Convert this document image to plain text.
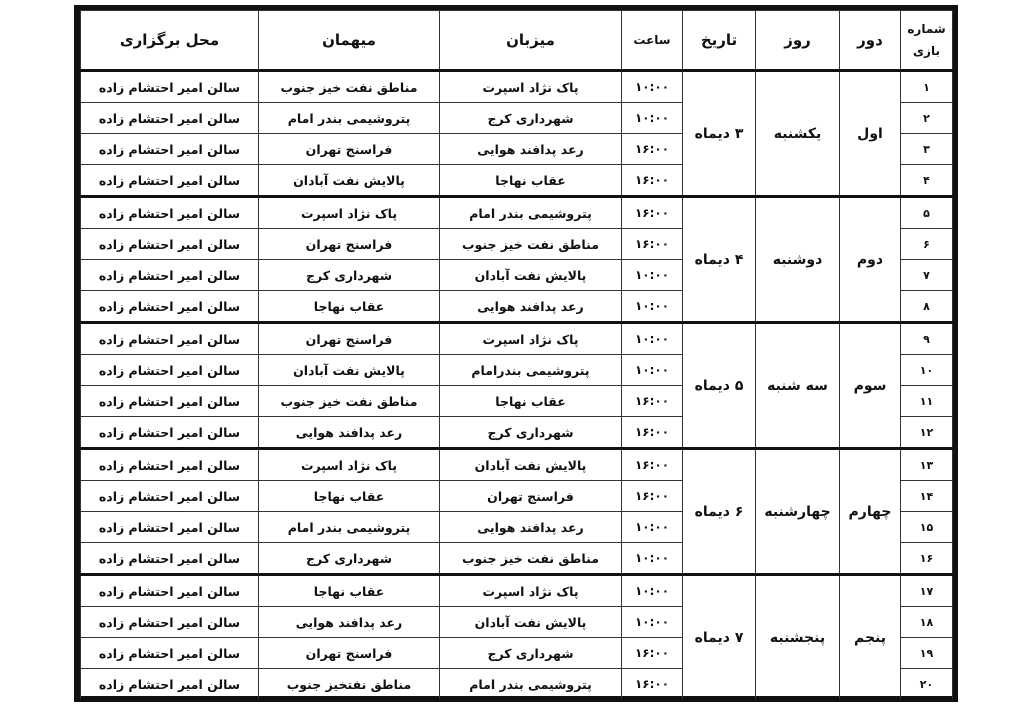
شماره بازی	دور	روز	تاریخ	ساعت	میزبان	میهمان	محل برگزاری
۱	اول	یکشنبه	۳ دیماه	۱۰:۰۰	پاک نژاد اسپرت	مناطق نفت خیز جنوب	سالن امیر احتشام زاده
۲				۱۰:۰۰	شهرداری کرج	پتروشیمی بندر امام	سالن امیر احتشام زاده
۳				۱۶:۰۰	رعد پدافند هوایی	فراسنج تهران	سالن امیر احتشام زاده
۴				۱۶:۰۰	عقاب نهاجا	پالایش نفت آبادان	سالن امیر احتشام زاده
۵	دوم	دوشنبه	۴ دیماه	۱۶:۰۰	پتروشیمی بندر امام	پاک نژاد اسپرت	سالن امیر احتشام زاده
۶				۱۶:۰۰	مناطق نفت خیز جنوب	فراسنج تهران	سالن امیر احتشام زاده
۷				۱۰:۰۰	پالایش نفت آبادان	شهرداری کرج	سالن امیر احتشام زاده
۸				۱۰:۰۰	رعد پدافند هوایی	عقاب نهاجا	سالن امیر احتشام زاده
۹	سوم	سه شنبه	۵ دیماه	۱۰:۰۰	پاک نژاد اسپرت	فراسنج تهران	سالن امیر احتشام زاده
۱۰				۱۰:۰۰	پتروشیمی بندرامام	پالایش نفت آبادان	سالن امیر احتشام زاده
۱۱				۱۶:۰۰	عقاب نهاجا	مناطق نفت خیز جنوب	سالن امیر احتشام زاده
۱۲				۱۶:۰۰	شهرداری کرج	رعد پدافند هوایی	سالن امیر احتشام زاده
۱۳	چهارم	چهارشنبه	۶ دیماه	۱۶:۰۰	پالایش نفت آبادان	پاک نژاد اسپرت	سالن امیر احتشام زاده
۱۴				۱۶:۰۰	فراسنج تهران	عقاب نهاجا	سالن امیر احتشام زاده
۱۵				۱۰:۰۰	رعد پدافند هوایی	پتروشیمی بندر امام	سالن امیر احتشام زاده
۱۶				۱۰:۰۰	مناطق نفت خیز جنوب	شهرداری کرج	سالن امیر احتشام زاده
۱۷	پنجم	پنجشنبه	۷ دیماه	۱۰:۰۰	پاک نژاد اسپرت	عقاب نهاجا	سالن امیر احتشام زاده
۱۸				۱۰:۰۰	پالایش نفت آبادان	رعد پدافند هوایی	سالن امیر احتشام زاده
۱۹				۱۶:۰۰	شهرداری کرج	فراسنج تهران	سالن امیر احتشام زاده
۲۰				۱۶:۰۰	پتروشیمی بندر امام	مناطق نفتخیز جنوب	سالن امیر احتشام زاده
